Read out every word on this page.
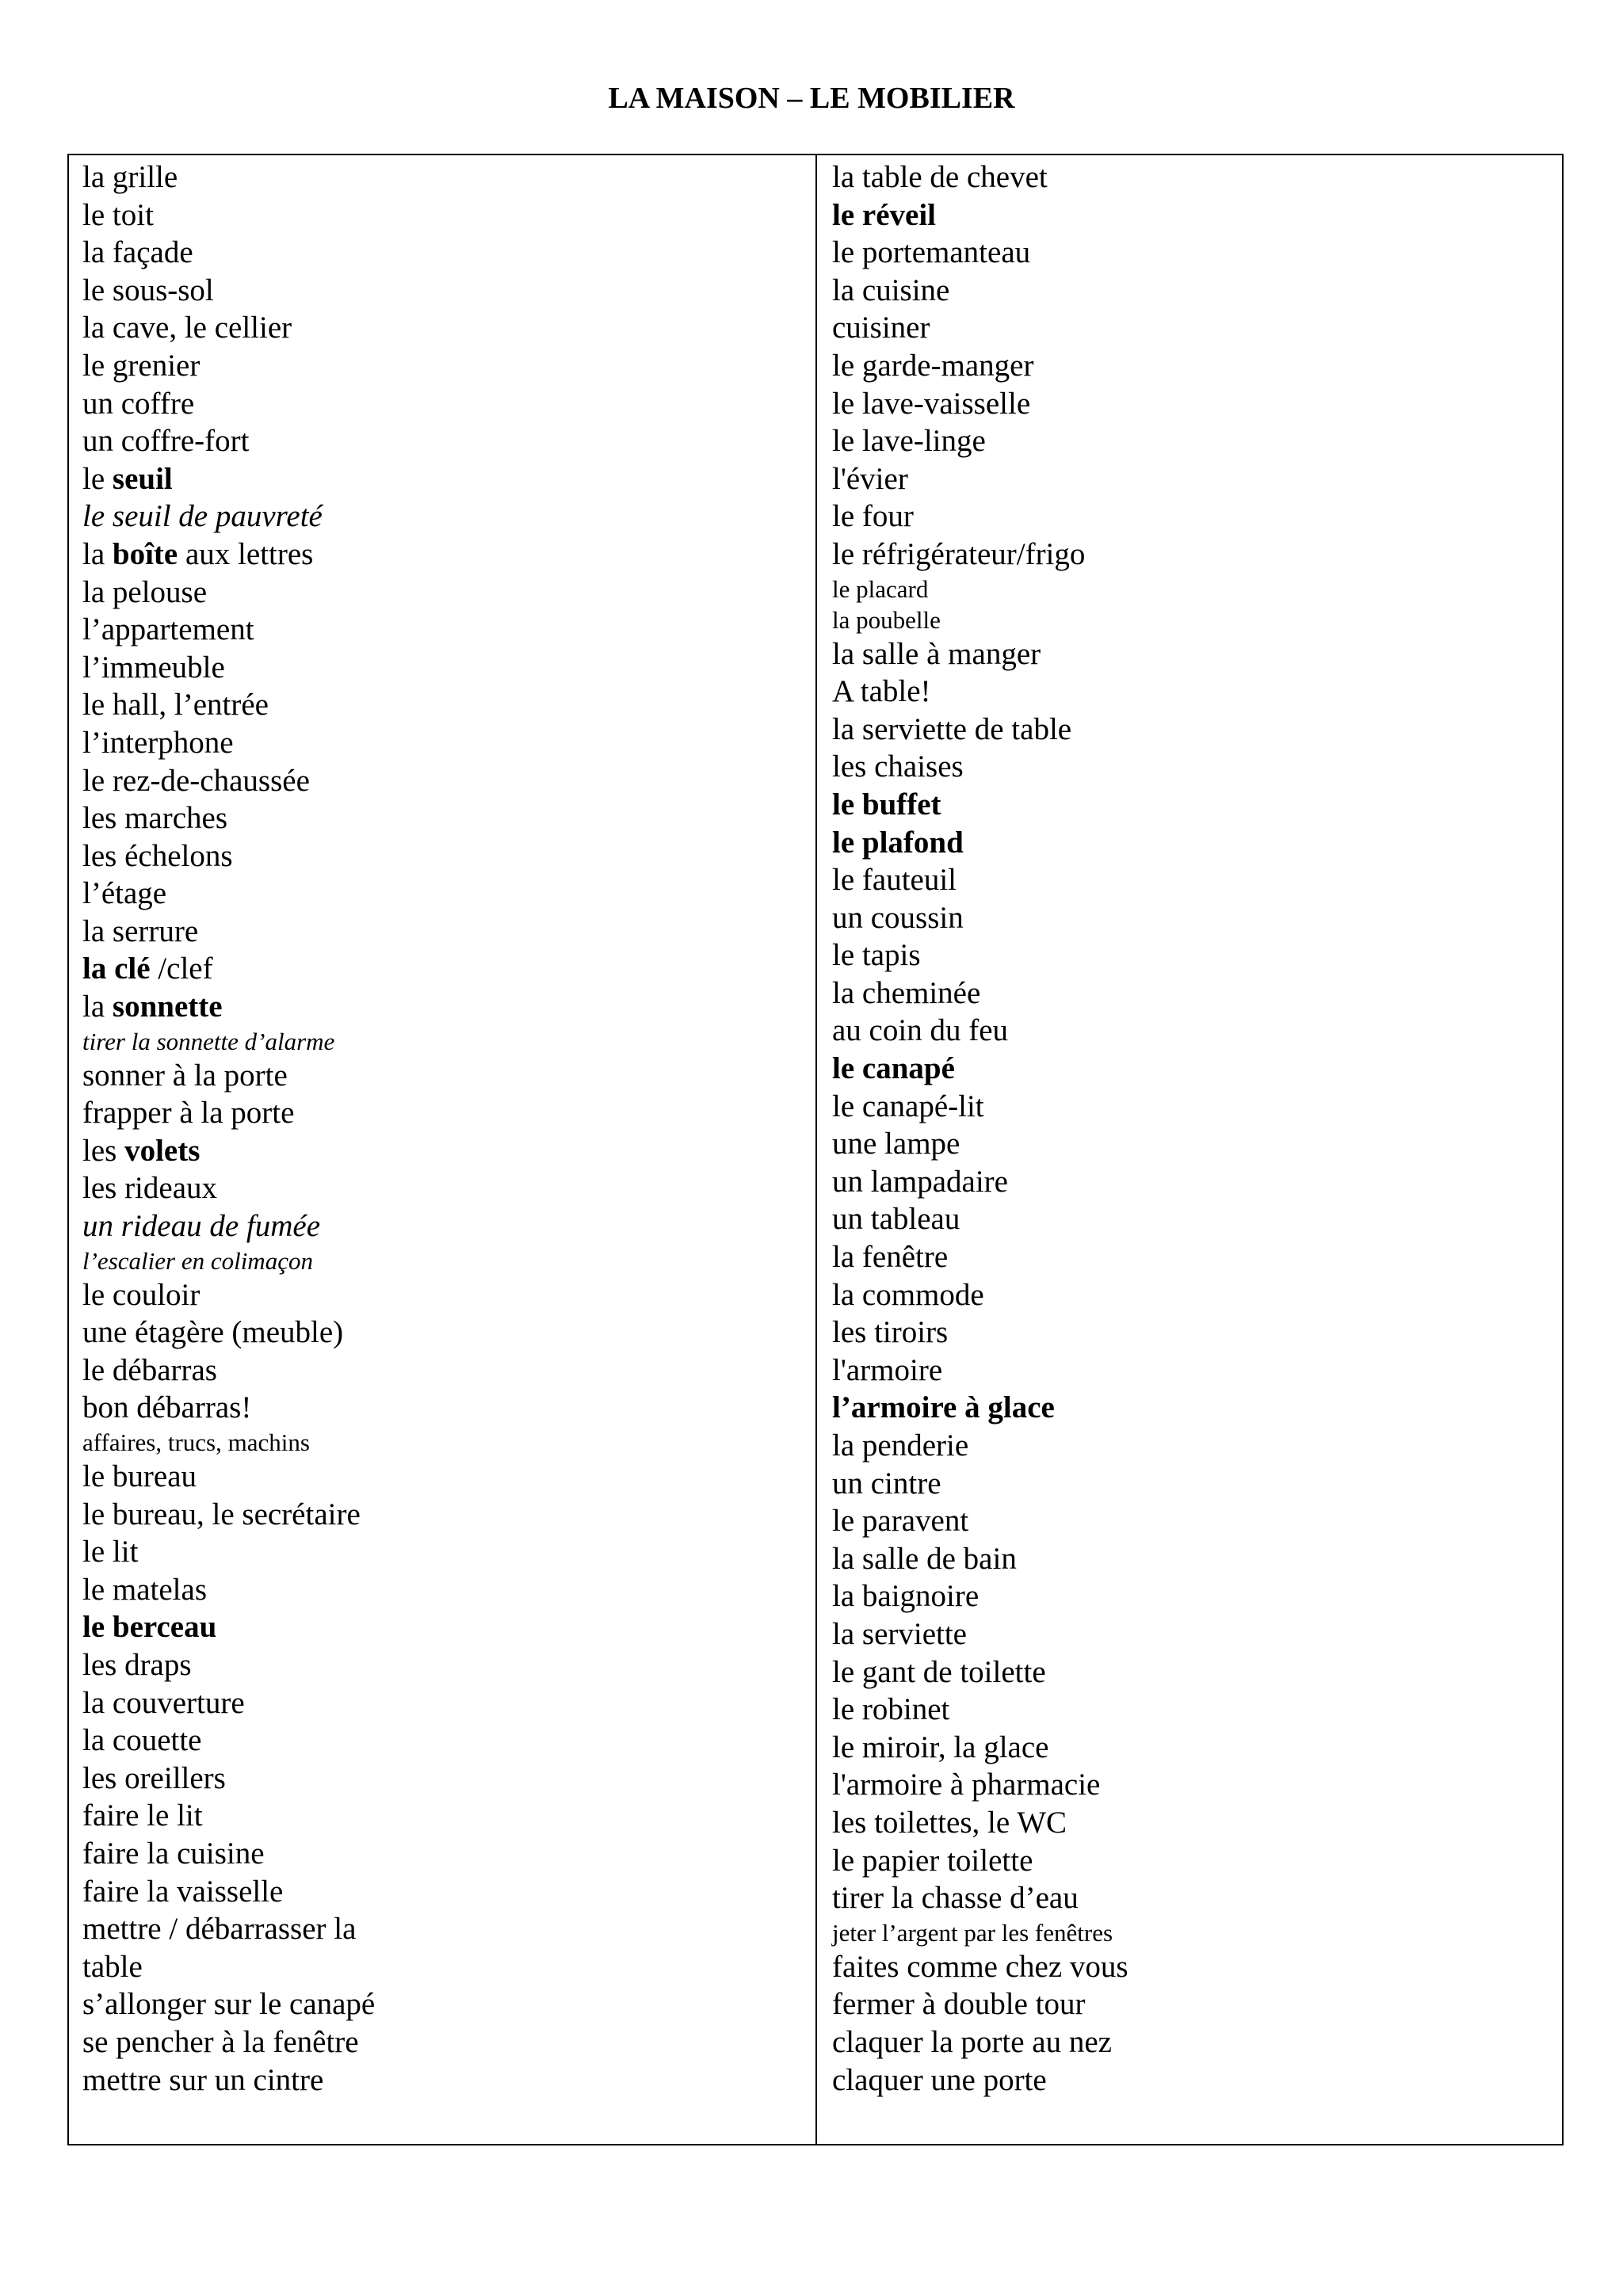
LA MAISON – LE MOBILIER
la grille
le toit
la façade
le sous-sol
la cave, le cellier
le grenier
un coffre
un coffre-fort
le seuil
le seuil de pauvreté
la boîte aux lettres
la pelouse
l’appartement
l’immeuble
le hall, l’entrée
l’interphone
le rez-de-chaussée
les marches
les échelons
l’étage
la serrure
la clé /clef
la sonnette
tirer la sonnette d’alarme
sonner à la porte
frapper à la porte
les volets
les rideaux
un rideau de fumée
l’escalier en colimaçon
le couloir
une étagère (meuble)
le débarras
bon débarras!
affaires, trucs, machins
le bureau
le bureau, le secrétaire
le lit
le matelas
le berceau
les draps
la couverture
la couette
les oreillers
faire le lit
faire la cuisine
faire la vaisselle
mettre / débarrasser la
table
s’allonger sur le canapé
se pencher à la fenêtre
mettre sur un cintre
la table de chevet
le réveil
le portemanteau
la cuisine
cuisiner
le garde-manger
le lave-vaisselle
le lave-linge
l'évier
le four
le réfrigérateur/frigo
le placard
la poubelle
la salle à manger
A table!
la serviette de table
les chaises
le buffet
le plafond
le fauteuil
un coussin
le tapis
la cheminée
au coin du feu
le canapé
le canapé-lit
une lampe
un lampadaire
un tableau
la fenêtre
la commode
les tiroirs
l'armoire
l’armoire à glace
la penderie
un cintre
le paravent
la salle de bain
la baignoire
la serviette
le gant de toilette
le robinet
le miroir, la glace
l'armoire à pharmacie
les toilettes, le WC
le papier toilette
tirer la chasse d’eau
jeter l’argent par les fenêtres
faites comme chez vous
fermer à double tour
claquer la porte au nez
claquer une porte
